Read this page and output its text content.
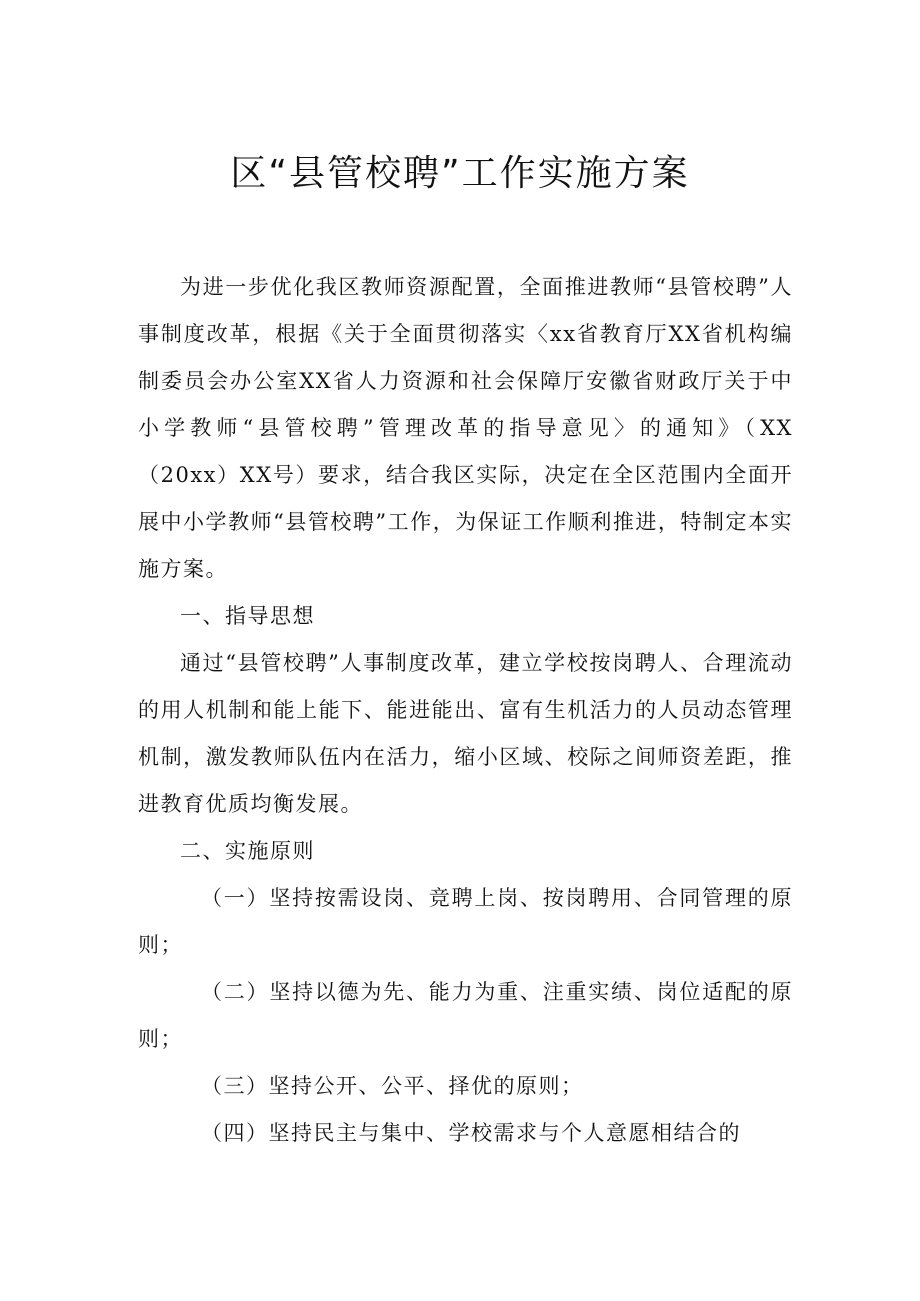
区“县管校聘”工作实施方案

为进一步优化我区教师资源配置，全面推进教师“县管校聘”人事制度改革，根据《关于全面贯彻落实〈xx省教育厅XX省机构编制委员会办公室XX省人力资源和社会保障厅安徽省财政厅关于中小学教师“县管校聘”管理改革的指导意见〉的通知》（XX（20xx）XX号）要求，结合我区实际，决定在全区范围内全面开展中小学教师“县管校聘”工作，为保证工作顺利推进，特制定本实施方案。

一、指导思想

通过“县管校聘”人事制度改革，建立学校按岗聘人、合理流动的用人机制和能上能下、能进能出、富有生机活力的人员动态管理机制，激发教师队伍内在活力，缩小区域、校际之间师资差距，推进教育优质均衡发展。

二、实施原则

（一）坚持按需设岗、竞聘上岗、按岗聘用、合同管理的原则；

（二）坚持以德为先、能力为重、注重实绩、岗位适配的原则；

（三）坚持公开、公平、择优的原则；

（四）坚持民主与集中、学校需求与个人意愿相结合的
